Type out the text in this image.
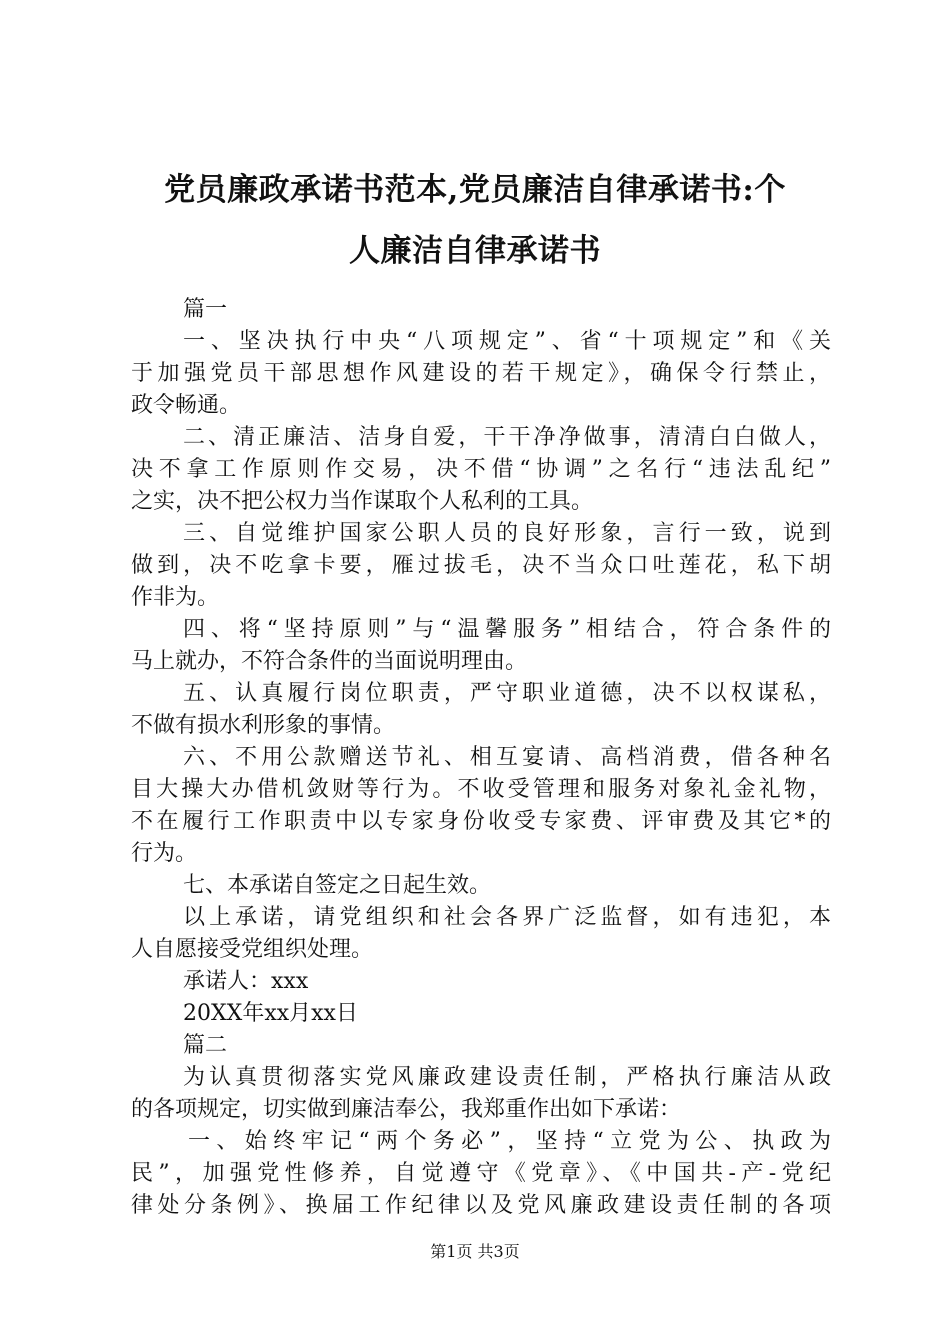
党员廉政承诺书范本,党员廉洁自律承诺书:个
人廉洁自律承诺书
篇一
一、坚决执行中央“八项规定”、省“十项规定”和《关
于加强党员干部思想作风建设的若干规定》，确保令行禁止，
政令畅通。
二、清正廉洁、洁身自爱，干干净净做事，清清白白做人，
决不拿工作原则作交易，决不借“协调”之名行“违法乱纪”
之实，决不把公权力当作谋取个人私利的工具。
三、自觉维护国家公职人员的良好形象，言行一致，说到
做到，决不吃拿卡要，雁过拔毛，决不当众口吐莲花，私下胡
作非为。
四、将“坚持原则”与“温馨服务”相结合，符合条件的
马上就办，不符合条件的当面说明理由。
五、认真履行岗位职责，严守职业道德，决不以权谋私，
不做有损水利形象的事情。
六、不用公款赠送节礼、相互宴请、高档消费，借各种名
目大操大办借机敛财等行为。不收受管理和服务对象礼金礼物，
不在履行工作职责中以专家身份收受专家费、评审费及其它*的
行为。
七、本承诺自签定之日起生效。
以上承诺，请党组织和社会各界广泛监督，如有违犯，本
人自愿接受党组织处理。
承诺人：xxx
20XX年xx月xx日
篇二
为认真贯彻落实党风廉政建设责任制，严格执行廉洁从政
的各项规定，切实做到廉洁奉公，我郑重作出如下承诺：
一、始终牢记“两个务必”，坚持“立党为公、执政为
民”，加强党性修养，自觉遵守《党章》、《中国共-产-党纪
律处分条例》、换届工作纪律以及党风廉政建设责任制的各项
第1页 共3页
